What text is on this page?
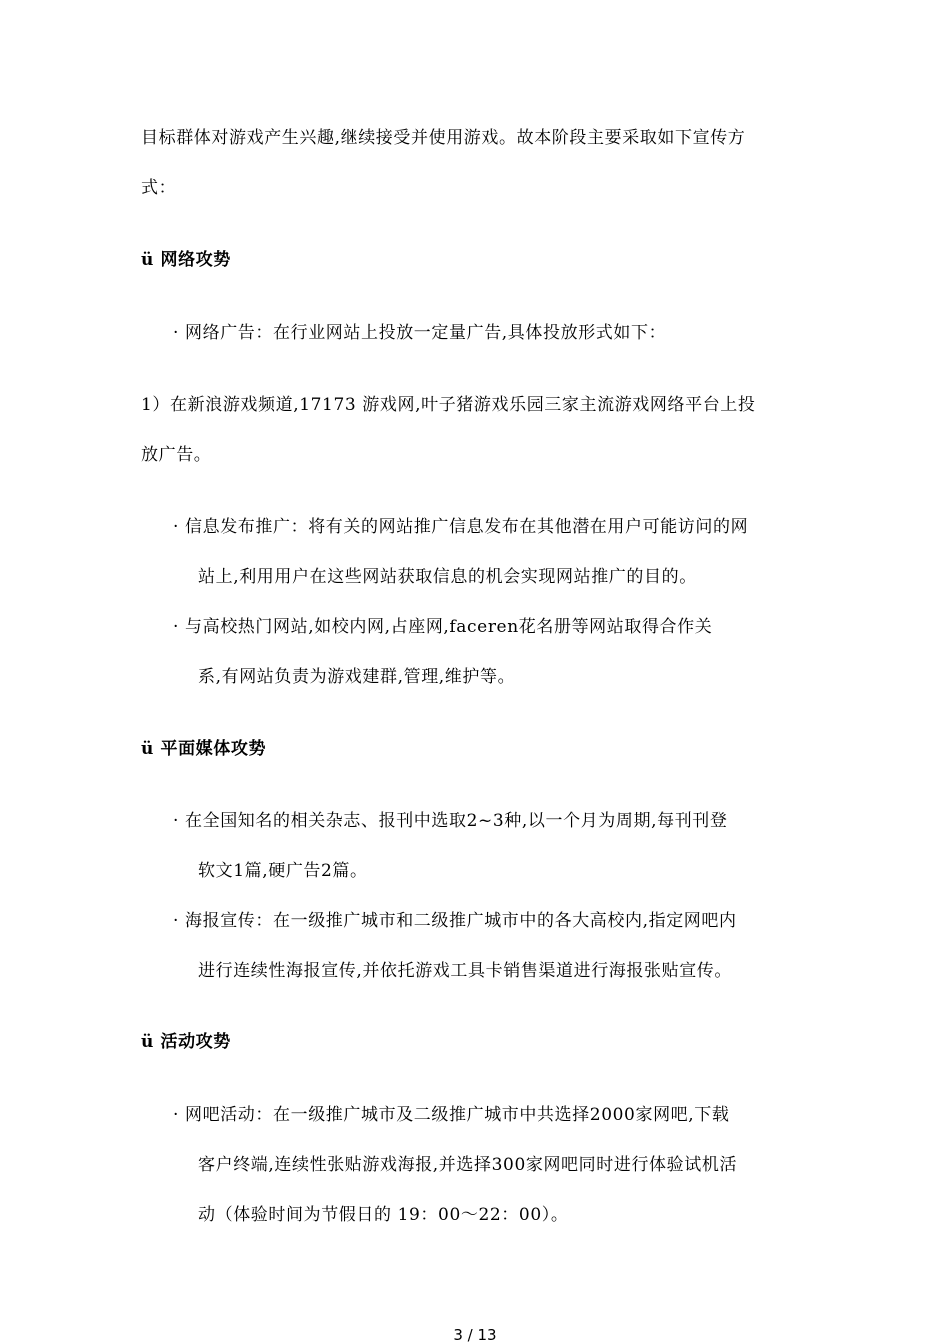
目标群体对游戏产生兴趣,继续接受并使用游戏。故本阶段主要采取如下宣传方
式：
ü 网络攻势
· 网络广告：在行业网站上投放一定量广告,具体投放形式如下：
1）在新浪游戏频道,17173 游戏网,叶子猪游戏乐园三家主流游戏网络平台上投
放广告。
· 信息发布推广：将有关的网站推广信息发布在其他潜在用户可能访问的网
站上,利用用户在这些网站获取信息的机会实现网站推广的目的。
· 与高校热门网站,如校内网,占座网,faceren花名册等网站取得合作关
系,有网站负责为游戏建群,管理,维护等。
ü 平面媒体攻势
· 在全国知名的相关杂志、报刊中选取2~3种,以一个月为周期,每刊刊登
软文1篇,硬广告2篇。
· 海报宣传：在一级推广城市和二级推广城市中的各大高校内,指定网吧内
进行连续性海报宣传,并依托游戏工具卡销售渠道进行海报张贴宣传。
ü 活动攻势
· 网吧活动：在一级推广城市及二级推广城市中共选择2000家网吧,下载
客户终端,连续性张贴游戏海报,并选择300家网吧同时进行体验试机活
动（体验时间为节假日的 19：00～22：00）。
3 / 13
